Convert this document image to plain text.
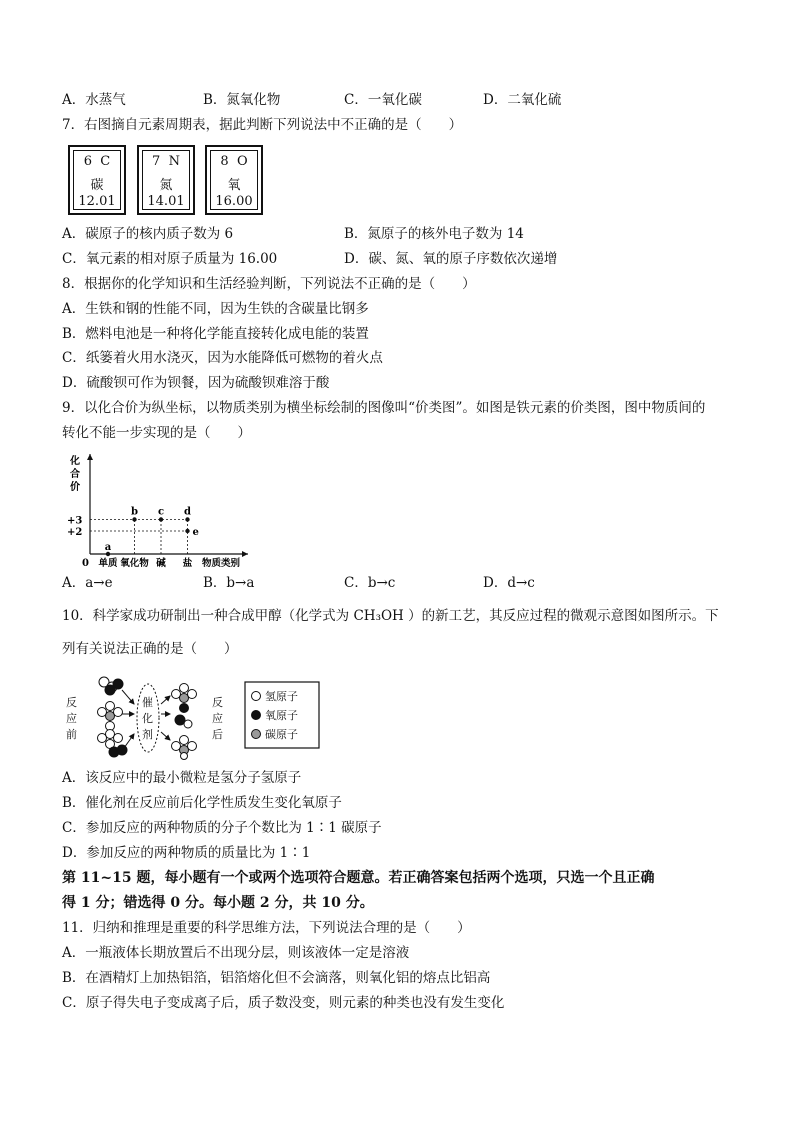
A．水蒸气	B．氮氧化物	C．一氧化碳	D．二氧化硫
7．右图摘自元素周期表，据此判断下列说法中不正确的是（　　）
6 C
碳
12.01
7 N
氮
14.01
8 O
氧
16.00
A．碳原子的核内质子数为 6	B．氮原子的核外电子数为 14
C．氧元素的相对原子质量为 16.00	D．碳、氮、氧的原子序数依次递增
8．根据你的化学知识和生活经验判断，下列说法不正确的是（　　）
A．生铁和钢的性能不同，因为生铁的含碳量比钢多
B．燃料电池是一种将化学能直接转化成电能的装置
C．纸篓着火用水浇灭，因为水能降低可燃物的着火点
D．硫酸钡可作为钡餐，因为硫酸钡难溶于酸
9．以化合价为纵坐标，以物质类别为横坐标绘制的图像叫“价类图”。如图是铁元素的价类图，图中物质间的
转化不能一步实现的是（　　）
化
合
价
0	物质类别
+3
+2
单质 氧化物 碱 盐
a
b c d
e
A．a→e	B．b→a	C．b→c	D．d→c
10．科学家成功研制出一种合成甲醇（化学式为 CH₃OH ）的新工艺，其反应过程的微观示意图如图所示。下
列有关说法正确的是（　　）
反
应
前
催
化
剂
反
应
后
氢原子
氧原子
碳原子
A．该反应中的最小微粒是氢分子氢原子
B．催化剂在反应前后化学性质发生变化氧原子
C．参加反应的两种物质的分子个数比为 1∶1 碳原子
D．参加反应的两种物质的质量比为 1∶1
第 11~15 题，每小题有一个或两个选项符合题意。若正确答案包括两个选项，只选一个且正确
得 1 分；错选得 0 分。每小题 2 分，共 10 分。
11．归纳和推理是重要的科学思维方法，下列说法合理的是（　　）
A．一瓶液体长期放置后不出现分层，则该液体一定是溶液
B．在酒精灯上加热铝箔，铝箔熔化但不会滴落，则氧化铝的熔点比铝高
C．原子得失电子变成离子后，质子数没变，则元素的种类也没有发生变化
